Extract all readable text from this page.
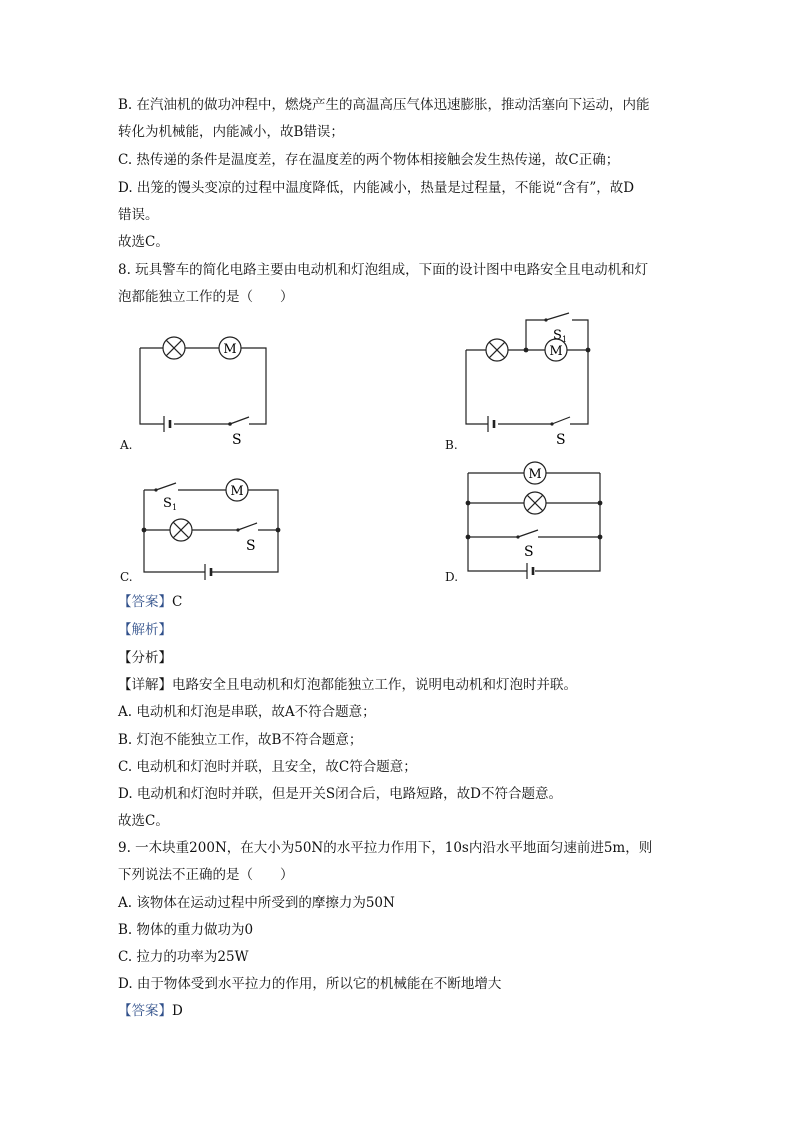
B. 在汽油机的做功冲程中，燃烧产生的高温高压气体迅速膨胀，推动活塞向下运动，内能
转化为机械能，内能减小，故B错误；
C. 热传递的条件是温度差，存在温度差的两个物体相接触会发生热传递，故C正确；
D. 出笼的馒头变凉的过程中温度降低，内能减小，热量是过程量，不能说“含有”，故D
错误。
故选C。
8. 玩具警车的简化电路主要由电动机和灯泡组成，下面的设计图中电路安全且电动机和灯
泡都能独立工作的是（　　）
M
S
A.
M
S 1
S
B.
M
S 1
S
C.
M
S
D.
【答案】C
【解析】
【分析】
【详解】电路安全且电动机和灯泡都能独立工作，说明电动机和灯泡时并联。
A. 电动机和灯泡是串联，故A不符合题意；
B. 灯泡不能独立工作，故B不符合题意；
C. 电动机和灯泡时并联，且安全，故C符合题意；
D. 电动机和灯泡时并联，但是开关S闭合后，电路短路，故D不符合题意。
故选C。
9. 一木块重200N，在大小为50N的水平拉力作用下，10s内沿水平地面匀速前进5m，则
下列说法不正确的是（　　）
A. 该物体在运动过程中所受到的摩擦力为50N
B. 物体的重力做功为0
C. 拉力的功率为25W
D. 由于物体受到水平拉力的作用，所以它的机械能在不断地增大
【答案】D
